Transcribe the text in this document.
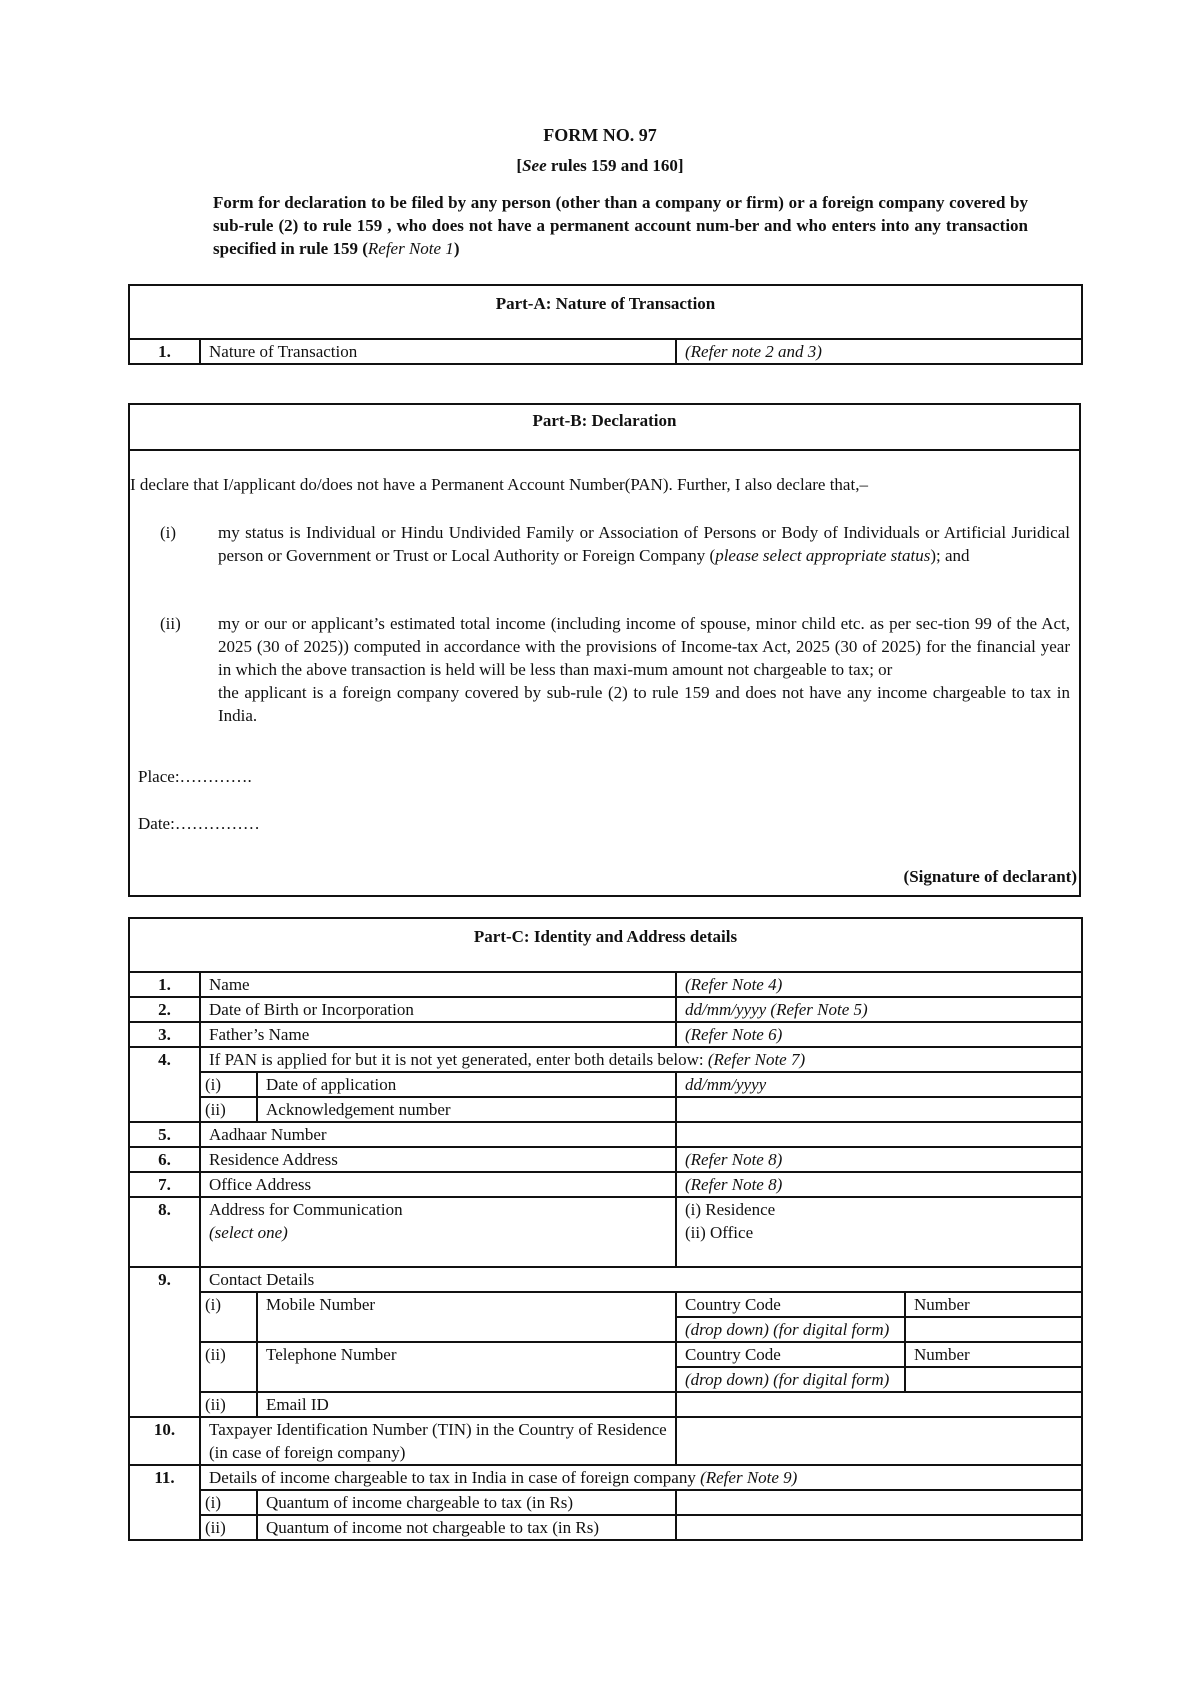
FORM NO. 97
[See rules 159 and 160]
Form for declaration to be filed by any person (other than a company or firm) or a foreign company covered by sub-rule (2) to rule 159 , who does not have a permanent account num-ber and who enters into any transaction specified in rule 159 (Refer Note 1)
Part-A: Nature of Transaction
1.	Nature of Transaction	(Refer note 2 and 3)
Part-B: Declaration
I declare that I/applicant do/does not have a Permanent Account Number(PAN). Further, I also declare that,–
(i) my status is Individual or Hindu Undivided Family or Association of Persons or Body of Individuals or Artificial Juridical person or Government or Trust or Local Authority or Foreign Company (please select appropriate status); and
(ii) my or our or applicant’s estimated total income (including income of spouse, minor child etc. as per sec-tion 99 of the Act, 2025 (30 of 2025)) computed in accordance with the provisions of Income-tax Act, 2025 (30 of 2025) for the financial year in which the above transaction is held will be less than maxi-mum amount not chargeable to tax; or
the applicant is a foreign company covered by sub-rule (2) to rule 159 and does not have any income chargeable to tax in India.
Place:………….
Date:……………
(Signature of declarant)
Part-C: Identity and Address details				
1.	Name		(Refer Note 4)	
2.	Date of Birth or Incorporation		dd/mm/yyyy (Refer Note 5)	
3.	Father’s Name		(Refer Note 6)	
4.	If PAN is applied for but it is not yet generated, enter both details below: (Refer Note 7)			
	(i)	Date of application	dd/mm/yyyy	
	(ii)	Acknowledgement number		
5.	Aadhaar Number			
6.	Residence Address		(Refer Note 8)	
7.	Office Address		(Refer Note 8)	
8.	Address for Communication
(select one)		(i) Residence
(ii) Office	
9.	Contact Details			
	(i)	Mobile Number	Country Code	Number
			(drop down) (for digital form)	
	(ii)	Telephone Number	Country Code	Number
			(drop down) (for digital form)	
	(ii)	Email ID		
10.	Taxpayer Identification Number (TIN) in the Country of Residence (in case of foreign company)			
11.	Details of income chargeable to tax in India in case of foreign company (Refer Note 9)			
	(i)	Quantum of income chargeable to tax (in Rs)		
	(ii)	Quantum of income not chargeable to tax (in Rs)		
